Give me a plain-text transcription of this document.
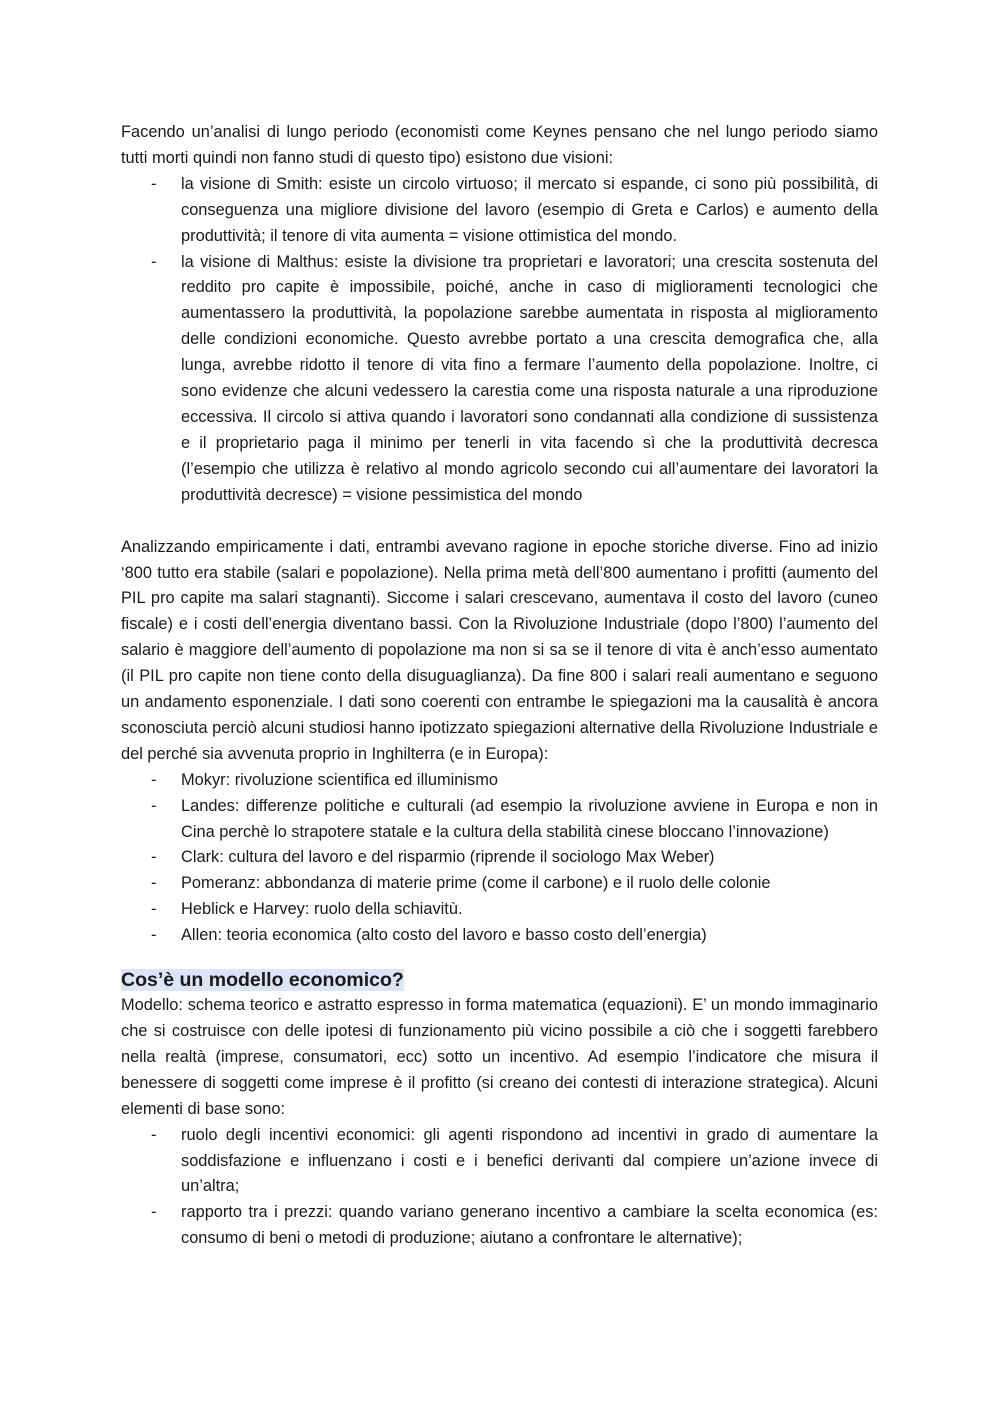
Facendo un’analisi di lungo periodo (economisti come Keynes pensano che nel lungo periodo siamo tutti morti quindi non fanno studi di questo tipo) esistono due visioni:

- la visione di Smith: esiste un circolo virtuoso; il mercato si espande, ci sono più possibilità, di conseguenza una migliore divisione del lavoro (esempio di Greta e Carlos) e aumento della produttività; il tenore di vita aumenta = visione ottimistica del mondo.
- la visione di Malthus: esiste la divisione tra proprietari e lavoratori; una crescita sostenuta del reddito pro capite è impossibile, poiché, anche in caso di miglioramenti tecnologici che aumentassero la produttività, la popolazione sarebbe aumentata in risposta al miglioramento delle condizioni economiche. Questo avrebbe portato a una crescita demografica che, alla lunga, avrebbe ridotto il tenore di vita fino a fermare l’aumento della popolazione. Inoltre, ci sono evidenze che alcuni vedessero la carestia come una risposta naturale a una riproduzione eccessiva. Il circolo si attiva quando i lavoratori sono condannati alla condizione di sussistenza e il proprietario paga il minimo per tenerli in vita facendo sì che la produttività decresca (l’esempio che utilizza è relativo al mondo agricolo secondo cui all’aumentare dei lavoratori la produttività decresce) = visione pessimistica del mondo

Analizzando empiricamente i dati, entrambi avevano ragione in epoche storiche diverse. Fino ad inizio ‘800 tutto era stabile (salari e popolazione). Nella prima metà dell’800 aumentano i profitti (aumento del PIL pro capite ma salari stagnanti). Siccome i salari crescevano, aumentava il costo del lavoro (cuneo fiscale) e i costi dell’energia diventano bassi. Con la Rivoluzione Industriale (dopo l’800) l’aumento del salario è maggiore dell’aumento di popolazione ma non si sa se il tenore di vita è anch’esso aumentato (il PIL pro capite non tiene conto della disuguaglianza). Da fine 800 i salari reali aumentano e seguono un andamento esponenziale. I dati sono coerenti con entrambe le spiegazioni ma la causalità è ancora sconosciuta perciò alcuni studiosi hanno ipotizzato spiegazioni alternative della Rivoluzione Industriale e del perché sia avvenuta proprio in Inghilterra (e in Europa):

- Mokyr: rivoluzione scientifica ed illuminismo
- Landes: differenze politiche e culturali (ad esempio la rivoluzione avviene in Europa e non in Cina perchè lo strapotere statale e la cultura della stabilità cinese bloccano l’innovazione)
- Clark: cultura del lavoro e del risparmio (riprende il sociologo Max Weber)
- Pomeranz: abbondanza di materie prime (come il carbone) e il ruolo delle colonie
- Heblick e Harvey: ruolo della schiavitù.
- Allen: teoria economica (alto costo del lavoro e basso costo dell’energia)
Cos’è un modello economico?

Modello: schema teorico e astratto espresso in forma matematica (equazioni). E’ un mondo immaginario che si costruisce con delle ipotesi di funzionamento più vicino possibile a ciò che i soggetti farebbero nella realtà (imprese, consumatori, ecc) sotto un incentivo. Ad esempio l’indicatore che misura il benessere di soggetti come imprese è il profitto (si creano dei contesti di interazione strategica). Alcuni elementi di base sono:

- ruolo degli incentivi economici: gli agenti rispondono ad incentivi in grado di aumentare la soddisfazione e influenzano i costi e i benefici derivanti dal compiere un’azione invece di un’altra;
- rapporto tra i prezzi: quando variano generano incentivo a cambiare la scelta economica (es: consumo di beni o metodi di produzione; aiutano a confrontare le alternative);
